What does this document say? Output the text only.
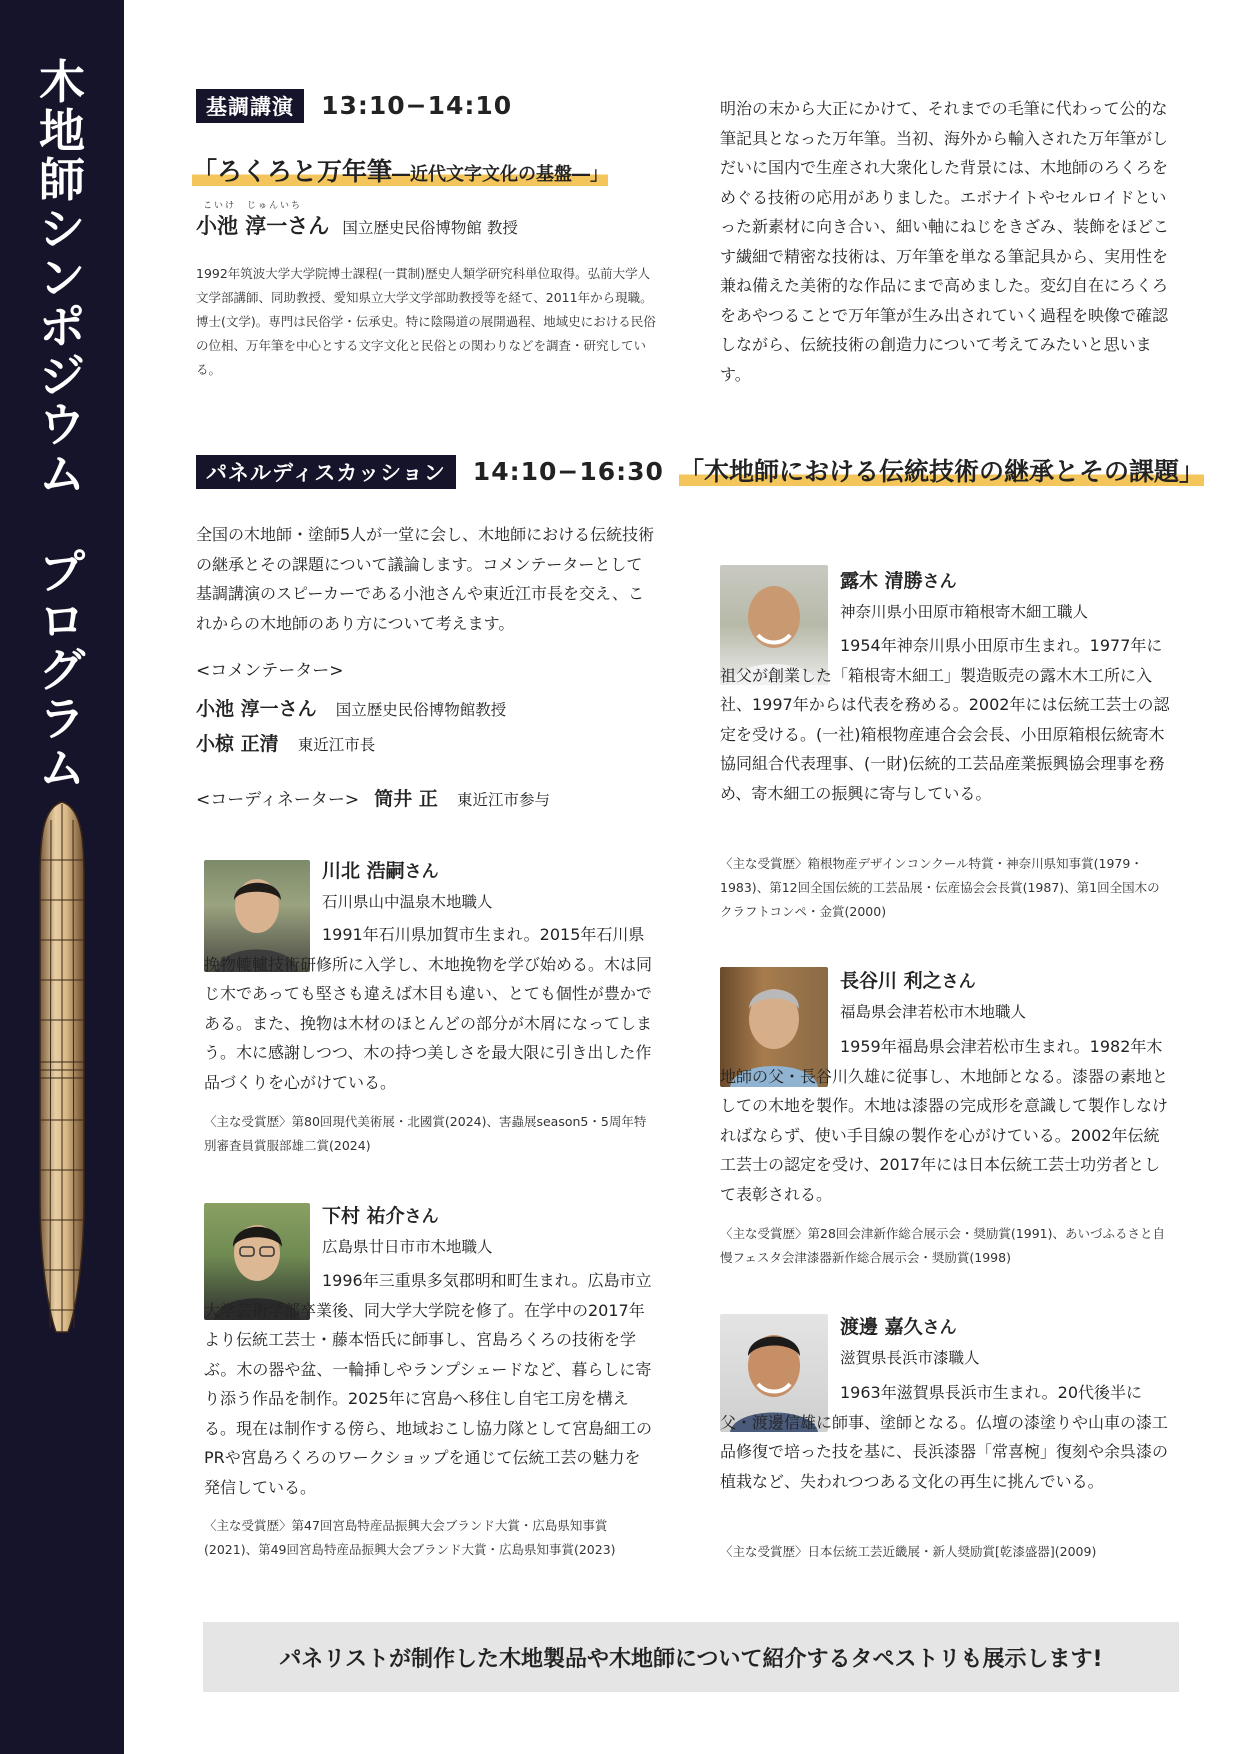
木
地
師
シ
ン
ポ
ジ
ウ
ム

プ
ロ
グ
ラ
ム
基調講演 13:10−14:10
「ろくろと万年筆―近代文字文化の基盤―」
こいけ　じゅんいち
小池 淳一さん 国立歴史民俗博物館 教授
1992年筑波大学大学院博士課程(一貫制)歴史人類学研究科単位取得。弘前大学人文学部講師、同助教授、愛知県立大学文学部助教授等を経て、2011年から現職。博士(文学)。専門は民俗学・伝承史。特に陰陽道の展開過程、地域史における民俗の位相、万年筆を中心とする文字文化と民俗との関わりなどを調査・研究している。
明治の末から大正にかけて、それまでの毛筆に代わって公的な筆記具となった万年筆。当初、海外から輸入された万年筆がしだいに国内で生産され大衆化した背景には、木地師のろくろをめぐる技術の応用がありました。エボナイトやセルロイドといった新素材に向き合い、細い軸にねじをきざみ、装飾をほどこす繊細で精密な技術は、万年筆を単なる筆記具から、実用性を兼ね備えた美術的な作品にまで高めました。変幻自在にろくろをあやつることで万年筆が生み出されていく過程を映像で確認しながら、伝統技術の創造力について考えてみたいと思います。
パネルディスカッション 14:10−16:30 「木地師における伝統技術の継承とその課題」
全国の木地師・塗師5人が一堂に会し、木地師における伝統技術の継承とその課題について議論します。コメンテーターとして基調講演のスピーカーである小池さんや東近江市長を交え、これからの木地師のあり方について考えます。
<コメンテーター>
小池 淳一さん 国立歴史民俗博物館教授
小椋 正清 東近江市長
<コーディネーター> 筒井 正 東近江市参与
川北 浩嗣さん
石川県山中温泉木地職人
1991年石川県加賀市生まれ。2015年石川県挽物轆轤技術研修所に入学し、木地挽物を学び始める。木は同じ木であっても堅さも違えば木目も違い、とても個性が豊かである。また、挽物は木材のほとんどの部分が木屑になってしまう。木に感謝しつつ、木の持つ美しさを最大限に引き出した作品づくりを心がけている。
〈主な受賞歴〉第80回現代美術展・北國賞(2024)、害蟲展season5・5周年特別審査員賞服部雄二賞(2024)
下村 祐介さん
広島県廿日市市木地職人
1996年三重県多気郡明和町生まれ。広島市立大学芸術学部卒業後、同大学大学院を修了。在学中の2017年より伝統工芸士・藤本悟氏に師事し、宮島ろくろの技術を学ぶ。木の器や盆、一輪挿しやランプシェードなど、暮らしに寄り添う作品を制作。2025年に宮島へ移住し自宅工房を構える。現在は制作する傍ら、地域おこし協力隊として宮島細工のPRや宮島ろくろのワークショップを通じて伝統工芸の魅力を発信している。
〈主な受賞歴〉第47回宮島特産品振興大会ブランド大賞・広島県知事賞(2021)、第49回宮島特産品振興大会ブランド大賞・広島県知事賞(2023)
露木 清勝さん
神奈川県小田原市箱根寄木細工職人
1954年神奈川県小田原市生まれ。1977年に祖父が創業した「箱根寄木細工」製造販売の露木木工所に入社、1997年からは代表を務める。2002年には伝統工芸士の認定を受ける。(一社)箱根物産連合会会長、小田原箱根伝統寄木協同組合代表理事、(一財)伝統的工芸品産業振興協会理事を務め、寄木細工の振興に寄与している。
〈主な受賞歴〉箱根物産デザインコンクール特賞・神奈川県知事賞(1979・1983)、第12回全国伝統的工芸品展・伝産協会会長賞(1987)、第1回全国木のクラフトコンペ・金賞(2000)
長谷川 利之さん
福島県会津若松市木地職人
1959年福島県会津若松市生まれ。1982年木地師の父・長谷川久雄に従事し、木地師となる。漆器の素地としての木地を製作。木地は漆器の完成形を意識して製作しなければならず、使い手目線の製作を心がけている。2002年伝統工芸士の認定を受け、2017年には日本伝統工芸士功労者として表彰される。
〈主な受賞歴〉第28回会津新作総合展示会・奨励賞(1991)、あいづふるさと自慢フェスタ会津漆器新作総合展示会・奨励賞(1998)
渡邊 嘉久さん
滋賀県長浜市漆職人
1963年滋賀県長浜市生まれ。20代後半に父・渡邊信雄に師事、塗師となる。仏壇の漆塗りや山車の漆工品修復で培った技を基に、長浜漆器「常喜椀」復刻や余呉漆の植栽など、失われつつある文化の再生に挑んでいる。
〈主な受賞歴〉日本伝統工芸近畿展・新人奨励賞[乾漆盛器](2009)
パネリストが制作した木地製品や木地師について紹介するタペストリも展示します!
